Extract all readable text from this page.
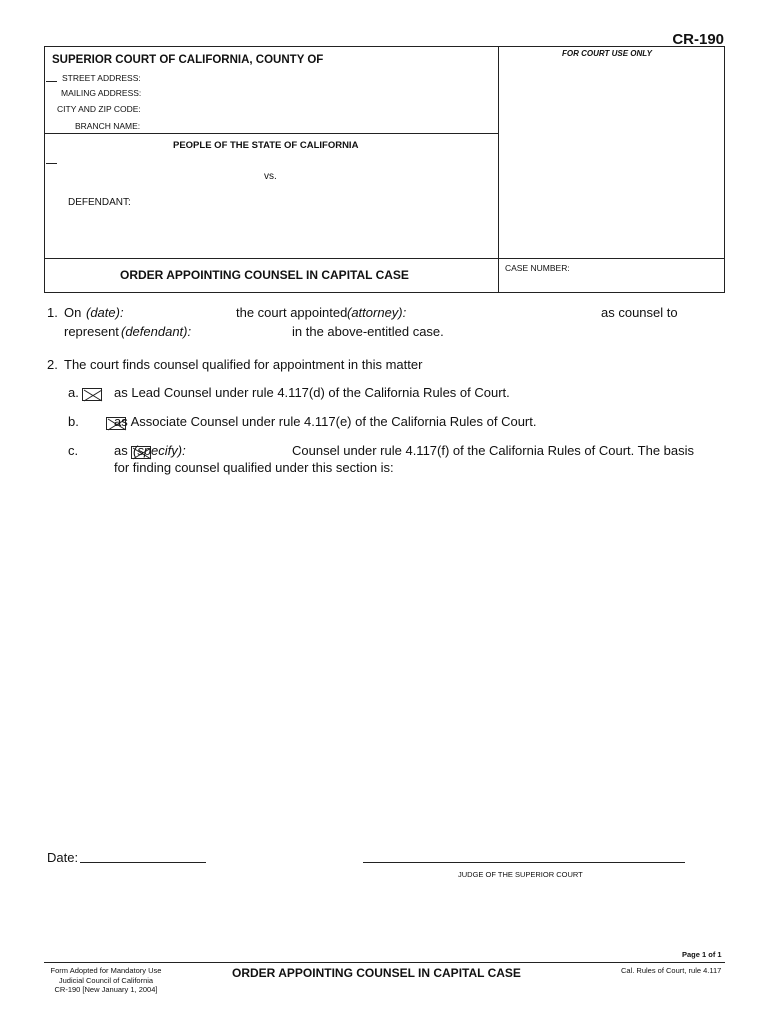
CR-190
FOR COURT USE ONLY
SUPERIOR COURT OF CALIFORNIA, COUNTY OF
STREET ADDRESS:
MAILING ADDRESS:
CITY AND ZIP CODE:
BRANCH NAME:
PEOPLE OF THE STATE OF CALIFORNIA
vs.
DEFENDANT:
ORDER APPOINTING COUNSEL IN CAPITAL CASE	CASE NUMBER:
1. On (date):	the court appointed (attorney):	as counsel to
represent (defendant):	in the above-entitled case.
2. The court finds counsel qualified for appointment in this matter
a.
	as Lead Counsel under rule 4.117(d) of the California Rules of Court.
b.
	as Associate Counsel under rule 4.117(e) of the California Rules of Court.
c.	as (specify):	Counsel under rule 4.117(f) of the California Rules of Court. The basis
for finding counsel qualified under this section is:
Date:
JUDGE OF THE SUPERIOR COURT
Page 1 of 1
Form Adopted for Mandatory Use
Judicial Council of California
CR-190 [New January 1, 2004]
ORDER APPOINTING COUNSEL IN CAPITAL CASE	Cal. Rules of Court, rule 4.117
